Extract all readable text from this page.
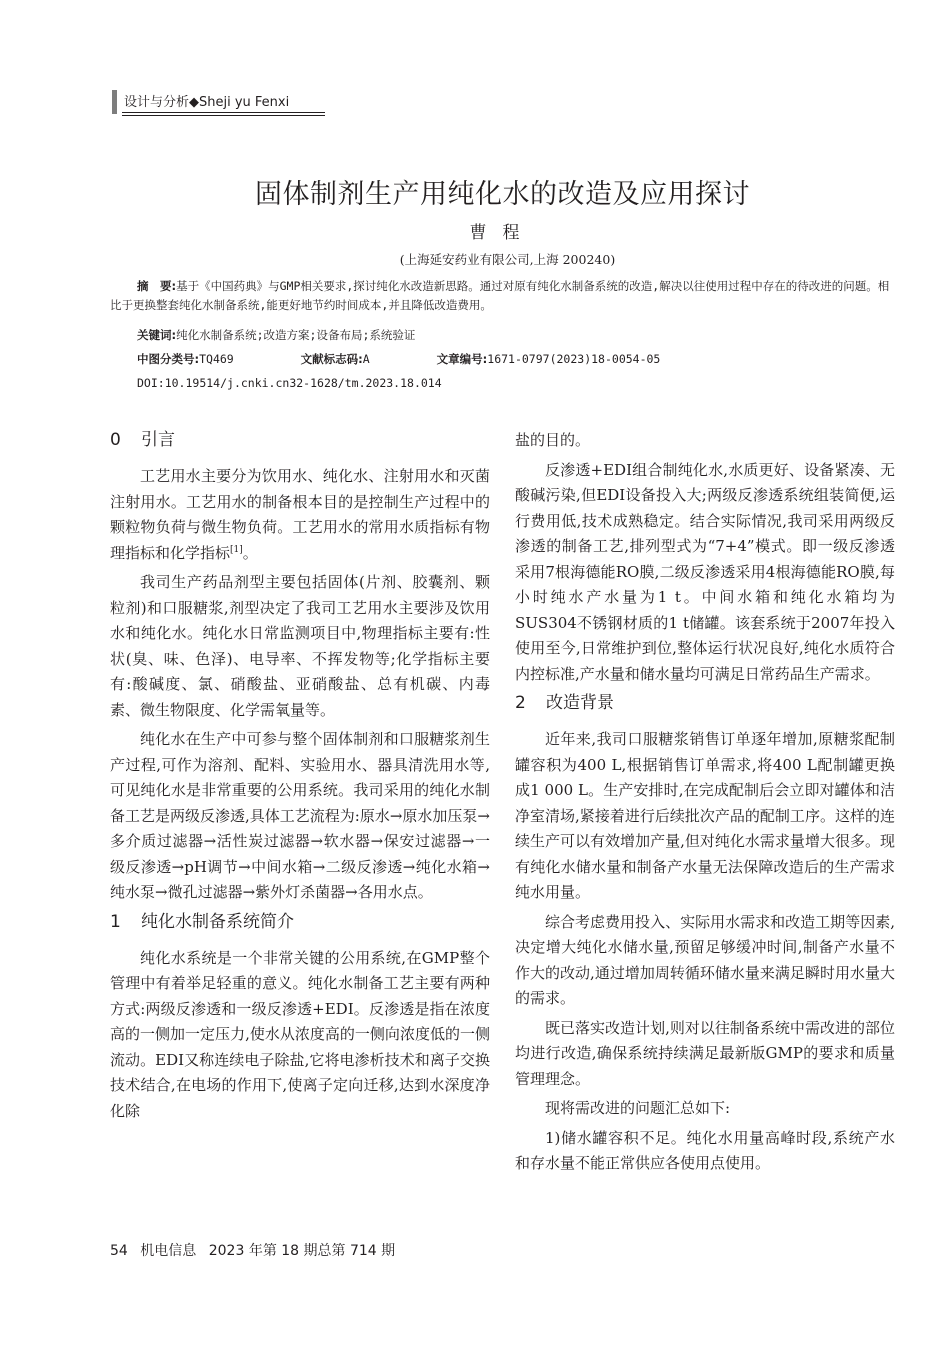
设计与分析◆Sheji yu Fenxi
固体制剂生产用纯化水的改造及应用探讨
曹程
(上海延安药业有限公司,上海 200240)
摘　要:基于《中国药典》与GMP相关要求,探讨纯化水改造新思路。通过对原有纯化水制备系统的改造,解决以往使用过程中存在的待改进的问题。相比于更换整套纯化水制备系统,能更好地节约时间成本,并且降低改造费用。
关键词:纯化水制备系统;改造方案;设备布局;系统验证
中图分类号:TQ469	文献标志码:A	文章编号:1671-0797(2023)18-0054-05
DOI:10.19514/j.cnki.cn32-1628/tm.2023.18.014
0 引言

工艺用水主要分为饮用水、纯化水、注射用水和灭菌注射用水。工艺用水的制备根本目的是控制生产过程中的颗粒物负荷与微生物负荷。工艺用水的常用水质指标有物理指标和化学指标[1]。

我司生产药品剂型主要包括固体(片剂、胶囊剂、颗粒剂)和口服糖浆,剂型决定了我司工艺用水主要涉及饮用水和纯化水。纯化水日常监测项目中,物理指标主要有:性状(臭、味、色泽)、电导率、不挥发物等;化学指标主要有:酸碱度、氯、硝酸盐、亚硝酸盐、总有机碳、内毒素、微生物限度、化学需氧量等。

纯化水在生产中可参与整个固体制剂和口服糖浆剂生产过程,可作为溶剂、配料、实验用水、器具清洗用水等,可见纯化水是非常重要的公用系统。我司采用的纯化水制备工艺是两级反渗透,具体工艺流程为:原水→原水加压泵→多介质过滤器→活性炭过滤器→软水器→保安过滤器→一级反渗透→pH调节→中间水箱→二级反渗透→纯化水箱→纯水泵→微孔过滤器→紫外灯杀菌器→各用水点。

1 纯化水制备系统简介

纯化水系统是一个非常关键的公用系统,在GMP整个管理中有着举足轻重的意义。纯化水制备工艺主要有两种方式:两级反渗透和一级反渗透+EDI。反渗透是指在浓度高的一侧加一定压力,使水从浓度高的一侧向浓度低的一侧流动。EDI又称连续电子除盐,它将电渗析技术和离子交换技术结合,在电场的作用下,使离子定向迁移,达到水深度净化除

盐的目的。

反渗透+EDI组合制纯化水,水质更好、设备紧凑、无酸碱污染,但EDI设备投入大;两级反渗透系统组装简便,运行费用低,技术成熟稳定。结合实际情况,我司采用两级反渗透的制备工艺,排列型式为“7+4”模式。即一级反渗透采用7根海德能RO膜,二级反渗透采用4根海德能RO膜,每小时纯水产水量为1 t。中间水箱和纯化水箱均为SUS304不锈钢材质的1 t储罐。该套系统于2007年投入使用至今,日常维护到位,整体运行状况良好,纯化水质符合内控标准,产水量和储水量均可满足日常药品生产需求。

2 改造背景

近年来,我司口服糖浆销售订单逐年增加,原糖浆配制罐容积为400 L,根据销售订单需求,将400 L配制罐更换成1 000 L。生产安排时,在完成配制后会立即对罐体和洁净室清场,紧接着进行后续批次产品的配制工序。这样的连续生产可以有效增加产量,但对纯化水需求量增大很多。现有纯化水储水量和制备产水量无法保障改造后的生产需求纯水用量。

综合考虑费用投入、实际用水需求和改造工期等因素,决定增大纯化水储水量,预留足够缓冲时间,制备产水量不作大的改动,通过增加周转循环储水量来满足瞬时用水量大的需求。

既已落实改造计划,则对以往制备系统中需改进的部位均进行改造,确保系统持续满足最新版GMP的要求和质量管理理念。

现将需改进的问题汇总如下:

1)储水罐容积不足。纯化水用量高峰时段,系统产水和存水量不能正常供应各使用点使用。

54 机电信息 2023 年第 18 期总第 714 期
